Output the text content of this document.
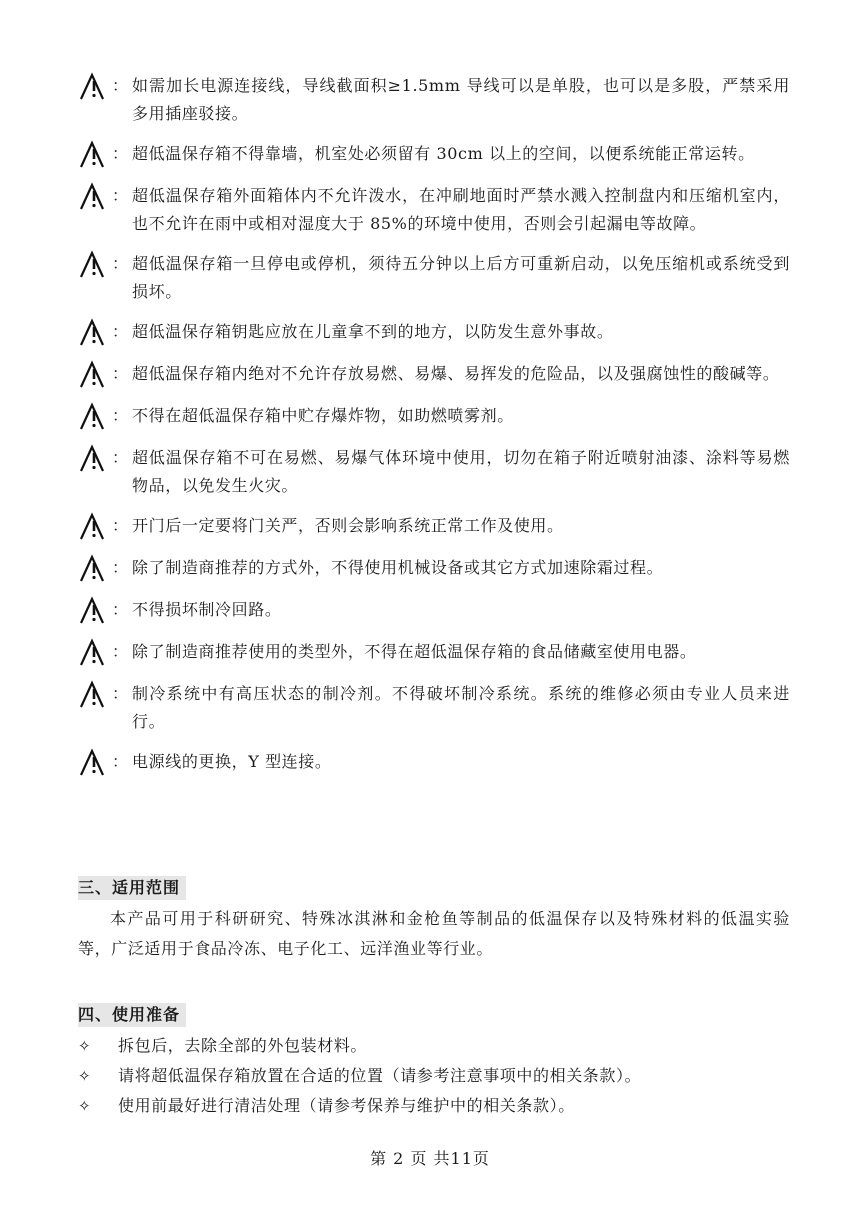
： 如需加长电源连接线，导线截面积≥1.5mm 导线可以是单股，也可以是多股，严禁采用多用插座驳接。
： 超低温保存箱不得靠墙，机室处必须留有 30cm 以上的空间，以便系统能正常运转。
： 超低温保存箱外面箱体内不允许泼水，在冲刷地面时严禁水溅入控制盘内和压缩机室内，也不允许在雨中或相对湿度大于 85%的环境中使用，否则会引起漏电等故障。
： 超低温保存箱一旦停电或停机，须待五分钟以上后方可重新启动，以免压缩机或系统受到损坏。
： 超低温保存箱钥匙应放在儿童拿不到的地方，以防发生意外事故。
： 超低温保存箱内绝对不允许存放易燃、易爆、易挥发的危险品，以及强腐蚀性的酸碱等。
： 不得在超低温保存箱中贮存爆炸物，如助燃喷雾剂。
： 超低温保存箱不可在易燃、易爆气体环境中使用，切勿在箱子附近喷射油漆、涂料等易燃物品，以免发生火灾。
： 开门后一定要将门关严，否则会影响系统正常工作及使用。
： 除了制造商推荐的方式外，不得使用机械设备或其它方式加速除霜过程。
： 不得损坏制冷回路。
： 除了制造商推荐使用的类型外，不得在超低温保存箱的食品储藏室使用电器。
： 制冷系统中有高压状态的制冷剂。不得破坏制冷系统。系统的维修必须由专业人员来进行。
： 电源线的更换，Y 型连接。
三、适用范围
本产品可用于科研研究、特殊冰淇淋和金枪鱼等制品的低温保存以及特殊材料的低温实验等，广泛适用于食品冷冻、电子化工、远洋渔业等行业。
四、使用准备
✧	拆包后，去除全部的外包装材料。
✧	请将超低温保存箱放置在合适的位置（请参考注意事项中的相关条款）。
✧	使用前最好进行清洁处理（请参考保养与维护中的相关条款）。
第 2 页 共11页
